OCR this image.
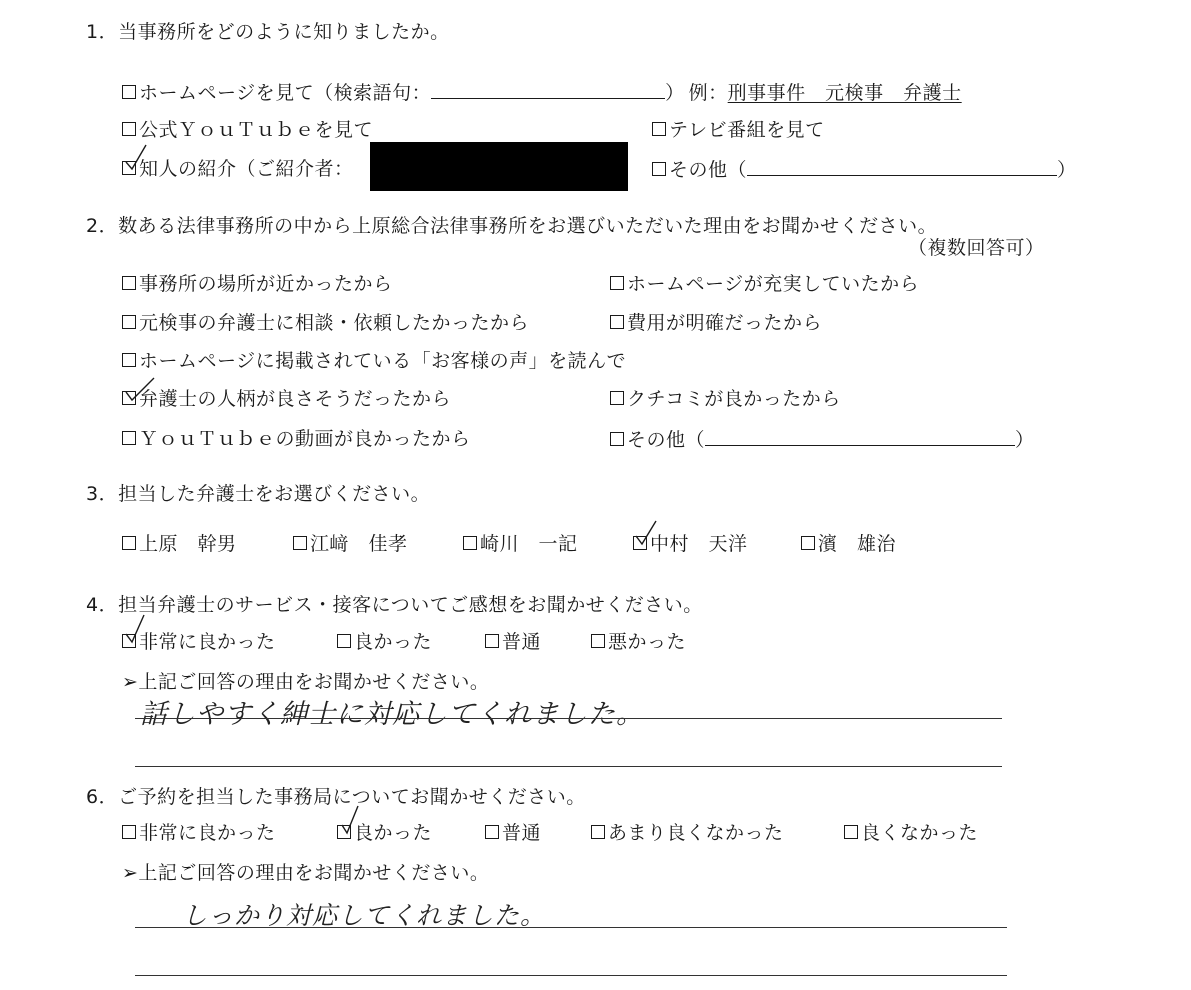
1．当事務所をどのように知りましたか。
ホームページを見て（検索語句：	） 例：刑事事件　元検事　弁護士
公式ＹｏｕＴｕｂｅを見て	テレビ番組を見て
知人の紹介（ご紹介者：	その他（	）
2．数ある法律事務所の中から上原総合法律事務所をお選びいただいた理由をお聞かせください。
（複数回答可）
事務所の場所が近かったから	ホームページが充実していたから
元検事の弁護士に相談・依頼したかったから	費用が明確だったから
ホームページに掲載されている「お客様の声」を読んで
弁護士の人柄が良さそうだったから	クチコミが良かったから
ＹｏｕＴｕｂｅの動画が良かったから	その他（	）
3．担当した弁護士をお選びください。
上原　幹男	江﨑　佳孝	崎川　一記	中村　天洋	濱　雄治
4．担当弁護士のサービス・接客についてご感想をお聞かせください。
非常に良かった	良かった	普通	悪かった
➢上記ご回答の理由をお聞かせください。
話しやすく紳士に対応してくれました。
6．ご予約を担当した事務局についてお聞かせください。
非常に良かった	良かった	普通	あまり良くなかった	良くなかった
➢上記ご回答の理由をお聞かせください。
しっかり対応してくれました。
